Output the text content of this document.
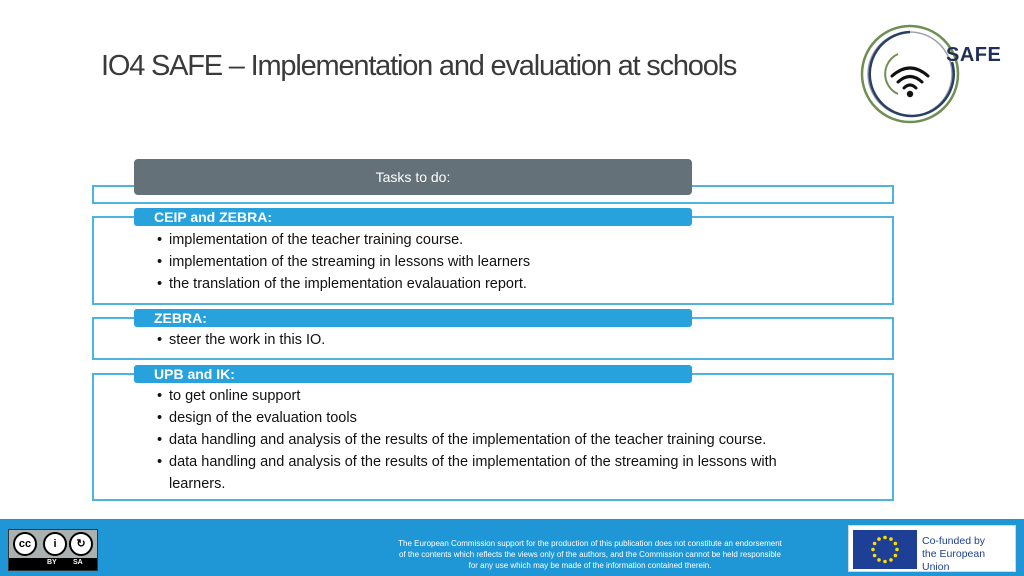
IO4 SAFE – Implementation and evaluation at schools	SAFE
Tasks to do:
CEIP and ZEBRA:
• implementation of the teacher training course.
• implementation of the streaming in lessons with learners
• the translation of the implementation evalauation report.
ZEBRA:
• steer the work in this IO.
UPB and IK:
• to get online support
• design of the evaluation tools
• data handling and analysis of the results of the implementation of the teacher training course.
• data handling and analysis of the results of the implementation of the streaming in lessons with learners.
cc	i	↻
BY SA
The European Commission support for the production of this publication does not constitute an endorsement
of the contents which reflects the views only of the authors, and the Commission cannot be held responsible
for any use which may be made of the information contained therein.
Co-funded by
the European Union
